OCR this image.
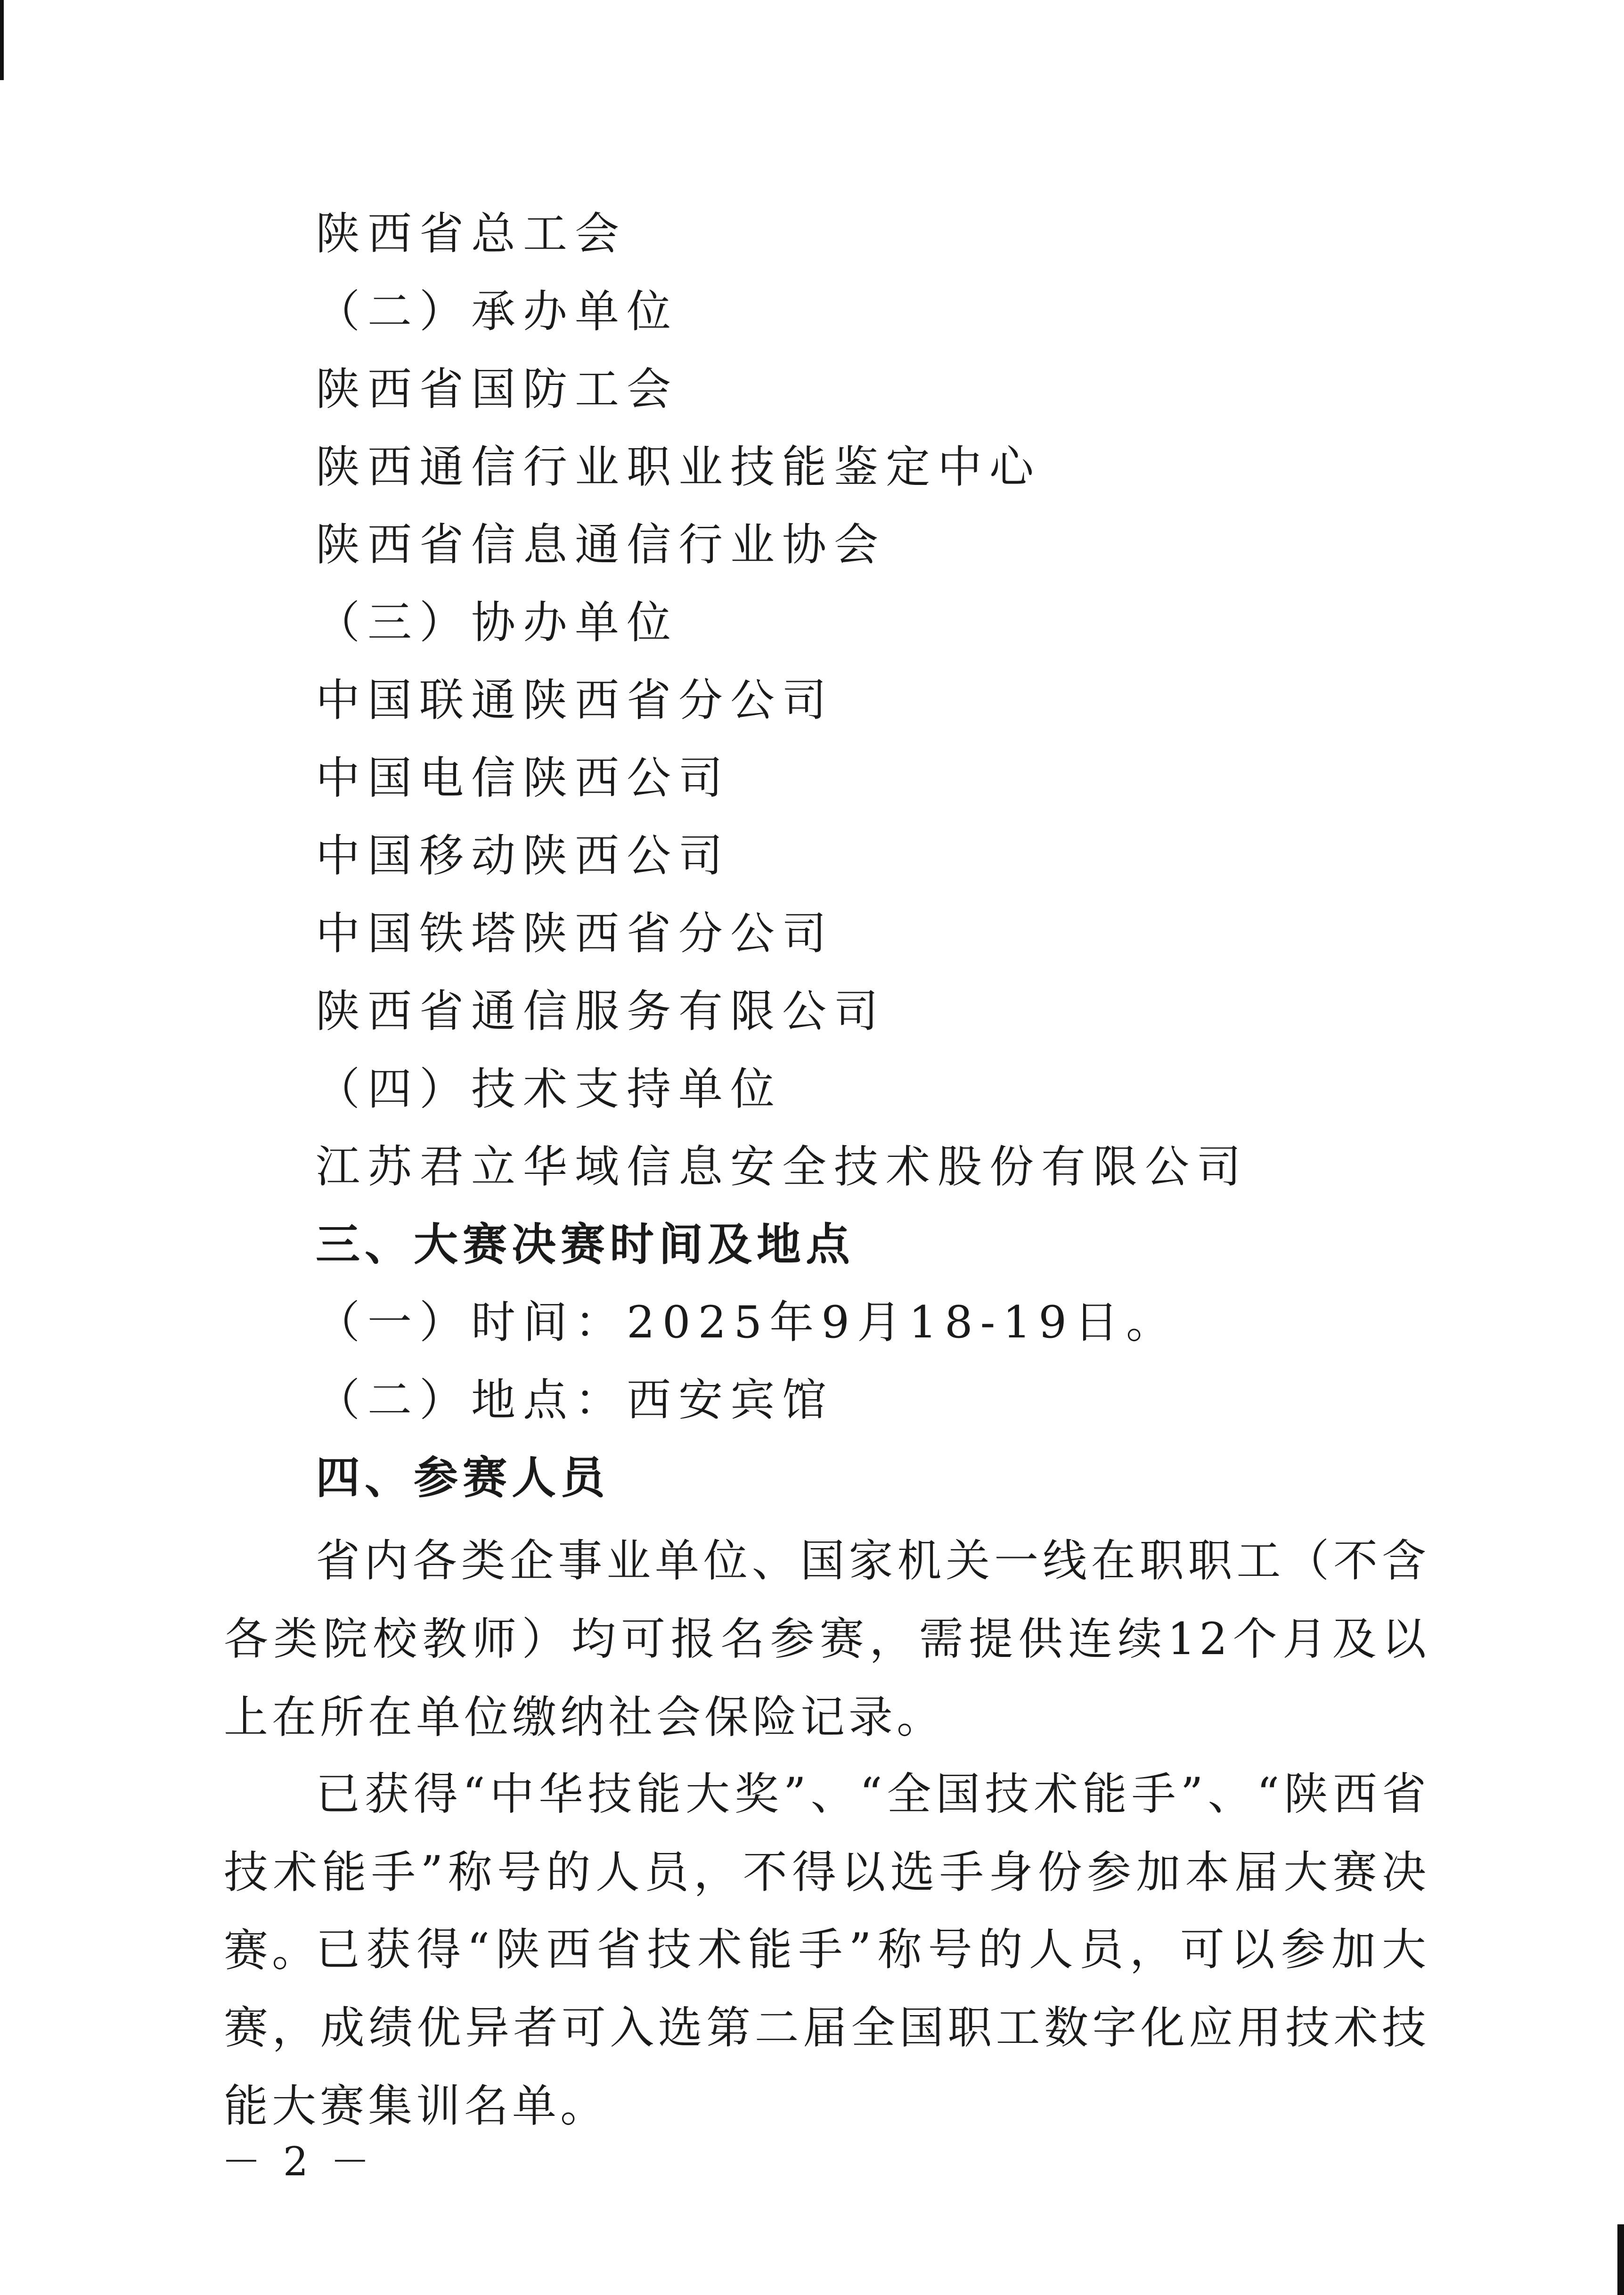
陕西省总工会
（二）承办单位
陕西省国防工会
陕西通信行业职业技能鉴定中心
陕西省信息通信行业协会
（三）协办单位
中国联通陕西省分公司
中国电信陕西公司
中国移动陕西公司
中国铁塔陕西省分公司
陕西省通信服务有限公司
（四）技术支持单位
江苏君立华域信息安全技术股份有限公司
三、大赛决赛时间及地点
（一）时间：2025年9月18-19日。
（二）地点：西安宾馆
四、参赛人员

省内各类企事业单位、国家机关一线在职职工（不含各类院校教师）均可报名参赛，需提供连续12个月及以上在所在单位缴纳社会保险记录。

已获得“中华技能大奖”、“全国技术能手”、“陕西省技术能手”称号的人员，不得以选手身份参加本届大赛决赛。

已获得“陕西省技术能手”称号的人员，可以参加大赛，成绩优异者可入选第二届全国职工数字化应用技术技能大赛集训名单。

－ 2 －
